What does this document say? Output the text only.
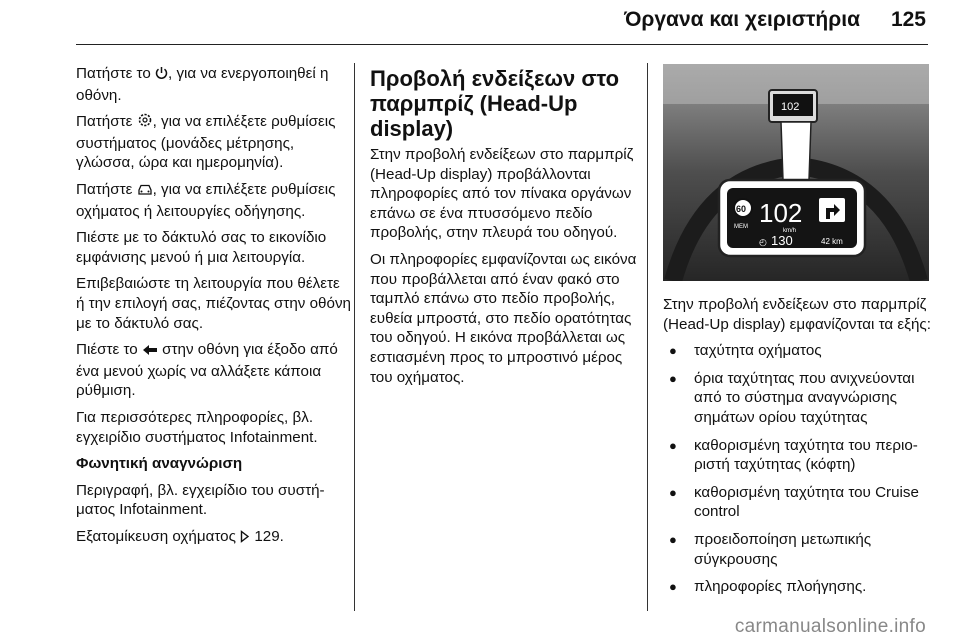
Όργανα και χειριστήρια 125

Πατήστε το , για να ενεργοποιηθεί η οθόνη.

Πατήστε , για να επιλέξετε ρυθμίσεις συστήματος (μονάδες μέτρησης, γλώσσα, ώρα και ημερομηνία).

Πατήστε , για να επιλέξετε ρυθμίσεις οχήματος ή λειτουργίες οδήγησης.

Πιέστε με το δάκτυλό σας το εικονίδιο εμφάνισης μενού ή μια λειτουργία.

Επιβεβαιώστε τη λειτουργία που θέλετε ή την επιλογή σας, πιέζοντας στην οθόνη με το δάκτυλό σας.

Πιέστε το  στην οθόνη για έξοδο από ένα μενού χωρίς να αλλάξετε κάποια ρύθμιση.

Για περισσότερες πληροφορίες, βλ. εγχειρίδιο συστήματος Infotainment.

Φωνητική αναγνώριση

Περιγραφή, βλ. εγχειρίδιο του συστήματος Infotainment.

Εξατομίκευση οχήματος  129.

Προβολή ενδείξεων στο παρμπρίζ (Head-Up display)

Στην προβολή ενδείξεων στο παρμπρίζ (Head-Up display) προβάλλονται πληροφορίες από τον πίνακα οργάνων επάνω σε ένα πτυσσόμενο πεδίο προβολής, στην πλευρά του οδηγού.

Οι πληροφορίες εμφανίζονται ως εικόνα που προβάλλεται από έναν φακό στο ταμπλό επάνω στο πεδίο προβολής, ευθεία μπροστά, στο πεδίο ορατότητας του οδηγού. Η εικόνα προβάλλεται ως εστιασμένη προς το μπροστινό μέρος του οχήματος.

102
60
MEM 102
km/h
◴ 130	42 km

Στην προβολή ενδείξεων στο παρμπρίζ (Head-Up display) εμφανίζονται τα εξής:

● ταχύτητα οχήματος
● όρια ταχύτητας που ανιχνεύονται από το σύστημα αναγνώρισης σημάτων ορίου ταχύτητας
● καθορισμένη ταχύτητα του περιοριστή ταχύτητας (κόφτη)
● καθορισμένη ταχύτητα του Cruise control
● προειδοποίηση μετωπικής σύγκρουσης
● πληροφορίες πλοήγησης.
carmanualsonline.info
